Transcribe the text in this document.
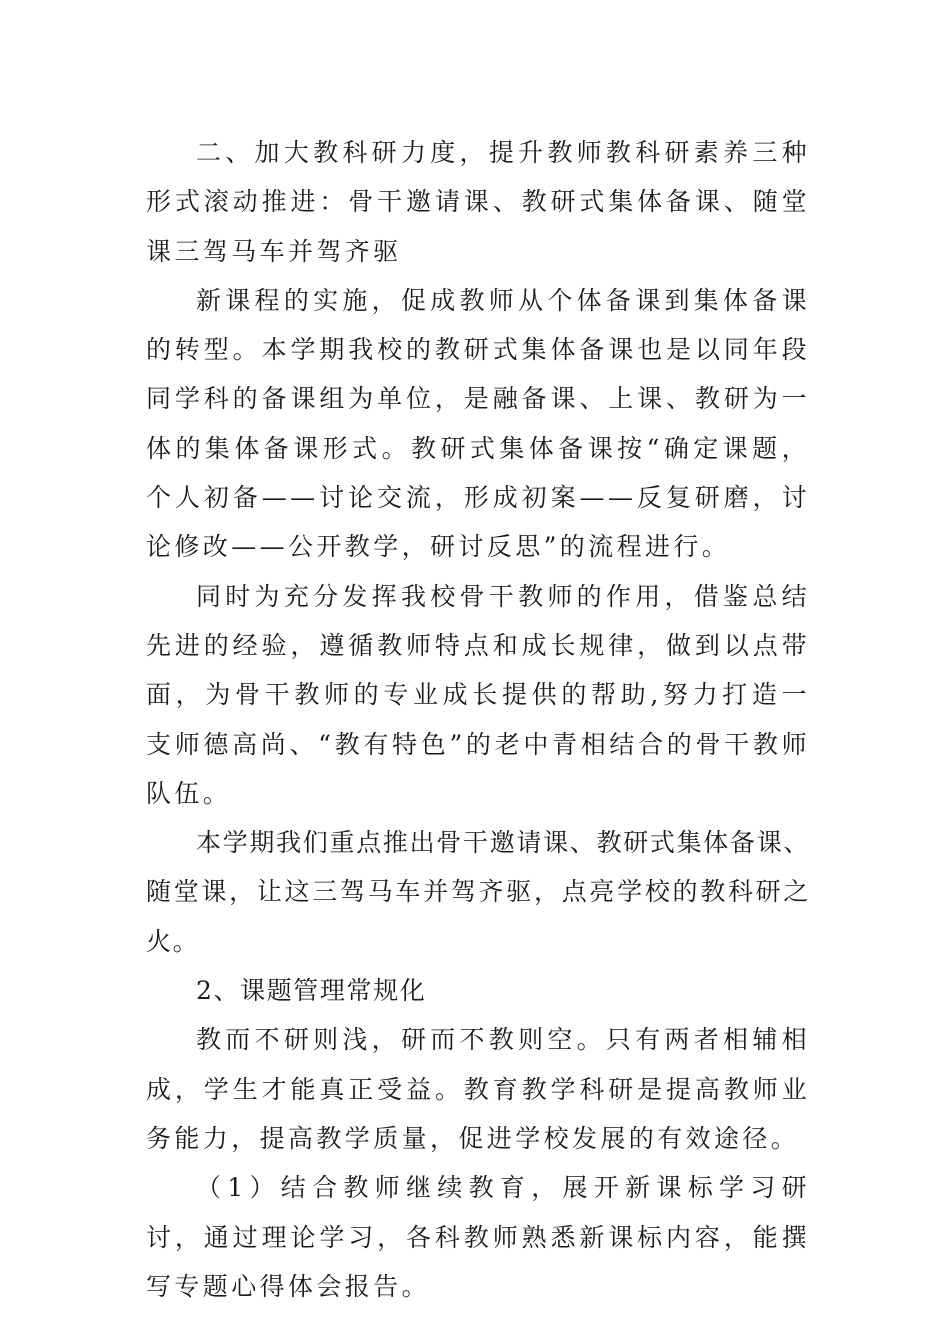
二、加大教科研力度，提升教师教科研素养三种形式滚动推进：骨干邀请课、教研式集体备课、随堂课三驾马车并驾齐驱

新课程的实施，促成教师从个体备课到集体备课的转型。本学期我校的教研式集体备课也是以同年段同学科的备课组为单位，是融备课、上课、教研为一体的集体备课形式。教研式集体备课按“确定课题，个人初备——讨论交流，形成初案——反复研磨，讨论修改——公开教学，研讨反思”的流程进行。

同时为充分发挥我校骨干教师的作用，借鉴总结先进的经验，遵循教师特点和成长规律，做到以点带面，为骨干教师的专业成长提供的帮助,努力打造一支师德高尚、“教有特色”的老中青相结合的骨干教师队伍。

本学期我们重点推出骨干邀请课、教研式集体备课、随堂课，让这三驾马车并驾齐驱，点亮学校的教科研之火。

2、课题管理常规化

教而不研则浅，研而不教则空。只有两者相辅相成，学生才能真正受益。教育教学科研是提高教师业务能力，提高教学质量，促进学校发展的有效途径。

（1）结合教师继续教育，展开新课标学习研讨，通过理论学习，各科教师熟悉新课标内容，能撰写专题心得体会报告。
